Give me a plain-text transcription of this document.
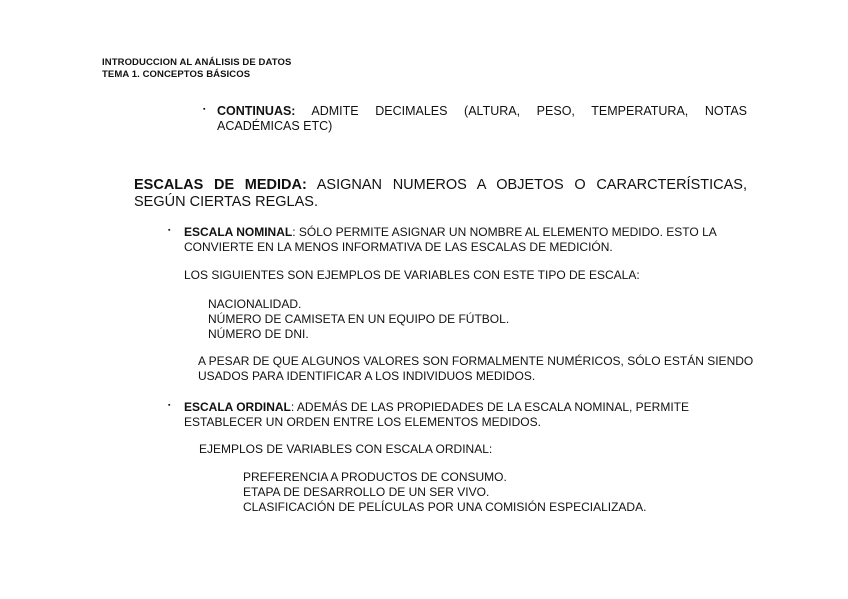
INTRODUCCION AL ANÁLISIS DE DATOS
TEMA 1. CONCEPTOS BÁSICOS
▪ CONTINUAS: ADMITE DECIMALES (ALTURA, PESO, TEMPERATURA, NOTAS ACADÉMICAS ETC)
ESCALAS DE MEDIDA: ASIGNAN NUMEROS A OBJETOS O CARARCTERÍSTICAS, SEGÚN CIERTAS REGLAS.
▪ ESCALA NOMINAL: SÓLO PERMITE ASIGNAR UN NOMBRE AL ELEMENTO MEDIDO. ESTO LA CONVIERTE EN LA MENOS INFORMATIVA DE LAS ESCALAS DE MEDICIÓN.
LOS SIGUIENTES SON EJEMPLOS DE VARIABLES CON ESTE TIPO DE ESCALA:
NACIONALIDAD.
NÚMERO DE CAMISETA EN UN EQUIPO DE FÚTBOL.
NÚMERO DE DNI.
A PESAR DE QUE ALGUNOS VALORES SON FORMALMENTE NUMÉRICOS, SÓLO ESTÁN SIENDO USADOS PARA IDENTIFICAR A LOS INDIVIDUOS MEDIDOS.
▪ ESCALA ORDINAL: ADEMÁS DE LAS PROPIEDADES DE LA ESCALA NOMINAL, PERMITE ESTABLECER UN ORDEN ENTRE LOS ELEMENTOS MEDIDOS.
EJEMPLOS DE VARIABLES CON ESCALA ORDINAL:
PREFERENCIA A PRODUCTOS DE CONSUMO.
ETAPA DE DESARROLLO DE UN SER VIVO.
CLASIFICACIÓN DE PELÍCULAS POR UNA COMISIÓN ESPECIALIZADA.
